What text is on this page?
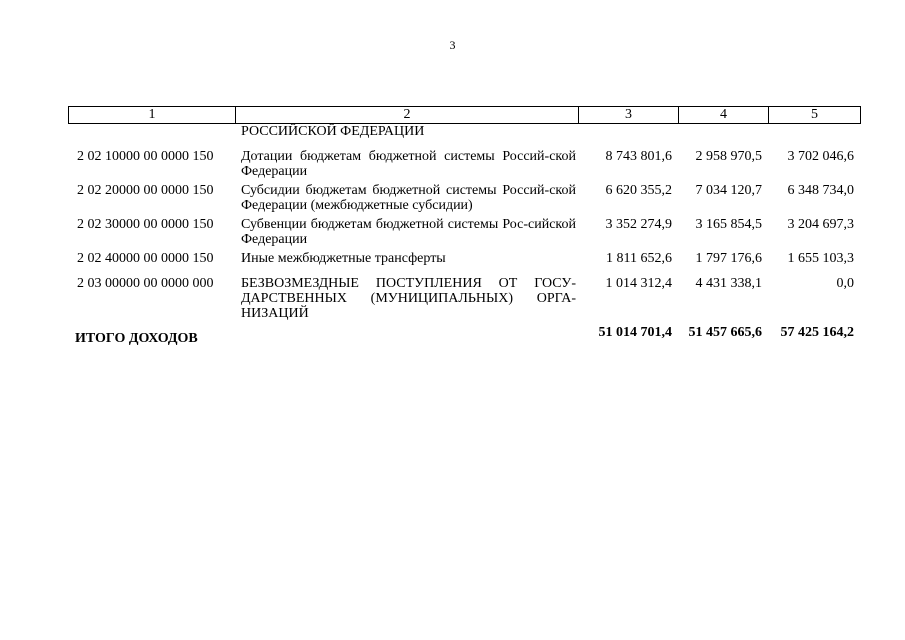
3
1	2	3	4	5
	РОССИЙСКОЙ ФЕДЕРАЦИИ			
2 02 10000 00 0000 150	Дотации бюджетам бюджетной системы Россий-ской Федерации	8 743 801,6	2 958 970,5	3 702 046,6
2 02 20000 00 0000 150	Субсидии бюджетам бюджетной системы Россий-ской Федерации (межбюджетные субсидии)	6 620 355,2	7 034 120,7	6 348 734,0
2 02 30000 00 0000 150	Субвенции бюджетам бюджетной системы Рос-сийской Федерации	3 352 274,9	3 165 854,5	3 204 697,3
2 02 40000 00 0000 150	Иные межбюджетные трансферты	1 811 652,6	1 797 176,6	1 655 103,3
2 03 00000 00 0000 000	БЕЗВОЗМЕЗДНЫЕ ПОСТУПЛЕНИЯ ОТ ГОСУ-ДАРСТВЕННЫХ (МУНИЦИПАЛЬНЫХ) ОРГА-НИЗАЦИЙ	1 014 312,4	4 431 338,1	0,0
ИТОГО ДОХОДОВ		51 014 701,4	51 457 665,6	57 425 164,2
